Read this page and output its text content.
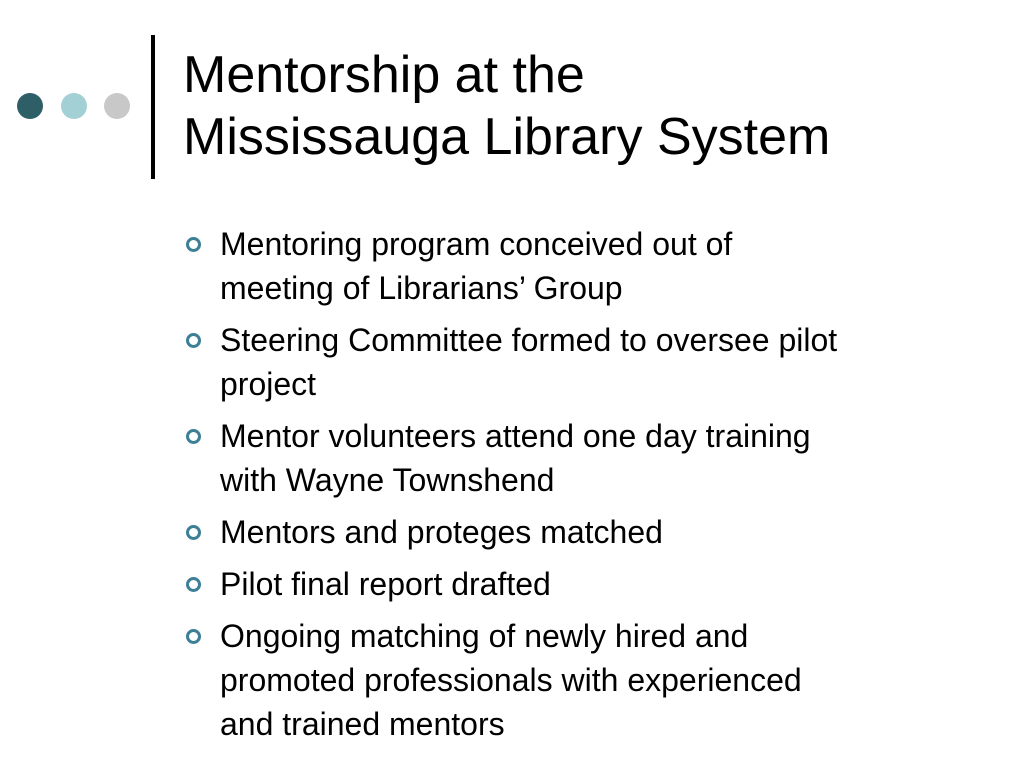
Mentorship at the
Mississauga Library System
Mentoring program conceived out of
meeting of Librarians’ Group
Steering Committee formed to oversee pilot
project
Mentor volunteers attend one day training
with Wayne Townshend
Mentors and proteges matched
Pilot final report drafted
Ongoing matching of newly hired and
promoted professionals with experienced
and trained mentors
